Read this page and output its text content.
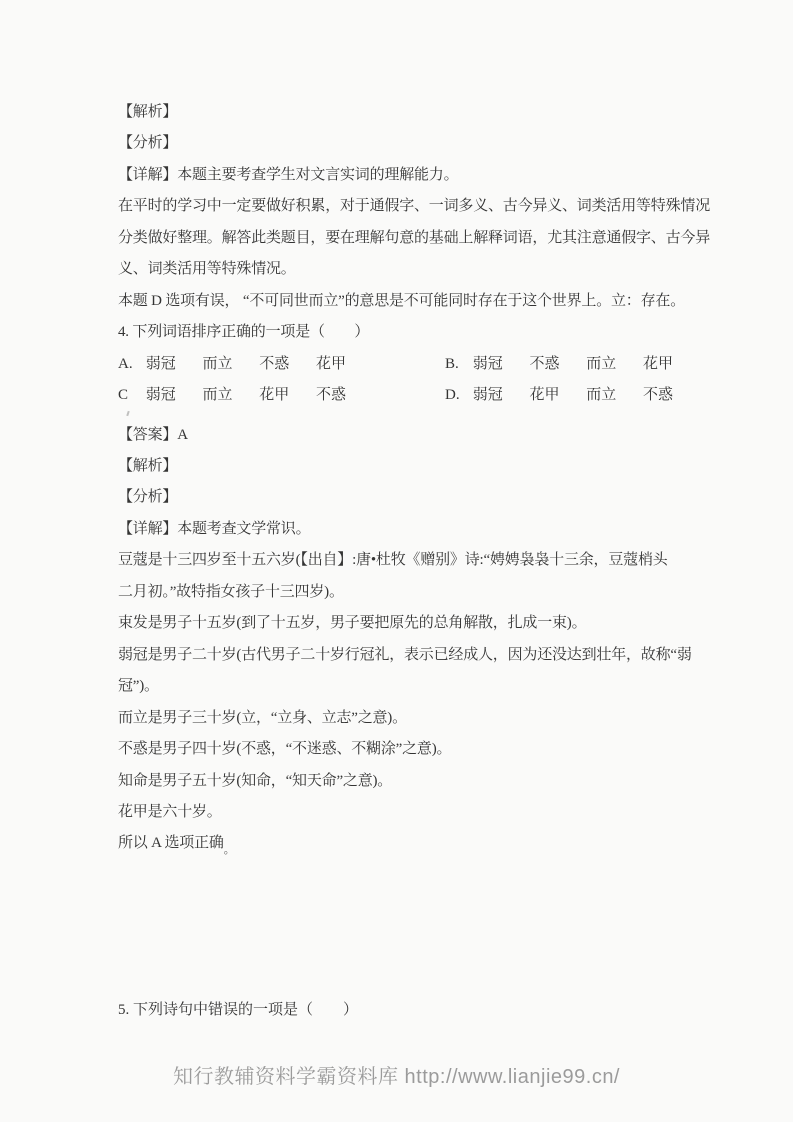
【解析】
【分析】
【详解】本题主要考查学生对文言实词的理解能力。
在平时的学习中一定要做好积累，对于通假字、一词多义、古今异义、词类活用等特殊情况
分类做好整理。解答此类题目，要在理解句意的基础上解释词语，尤其注意通假字、古今异
义、词类活用等特殊情况。
本题 D 选项有误， “不可同世而立”的意思是不可能同时存在于这个世界上。立：存在。
4. 下列词语排序正确的一项是（　　）
A. 弱冠 而立 不惑 花甲	B. 弱冠 不惑 而立 花甲
C 弱冠 而立 花甲 不惑	D. 弱冠 花甲 而立 不惑
【答案】A
【解析】
【分析】
【详解】本题考查文学常识。
豆蔻是十三四岁至十五六岁(【出自】:唐•杜牧《赠别》诗:“娉娉袅袅十三余，豆蔻梢头
二月初。”故特指女孩子十三四岁)。
束发是男子十五岁(到了十五岁，男子要把原先的总角解散，扎成一束)。
弱冠是男子二十岁(古代男子二十岁行冠礼，表示已经成人，因为还没达到壮年，故称“弱
冠”)。
而立是男子三十岁(立，“立身、立志”之意)。
不惑是男子四十岁(不惑，“不迷惑、不糊涂”之意)。
知命是男子五十岁(知命，“知天命”之意)。
花甲是六十岁。
所以 A 选项正确$_。$
5. 下列诗句中错误的一项是（　　）
知行教辅资料学霸资料库 http://www.lianjie99.cn/
